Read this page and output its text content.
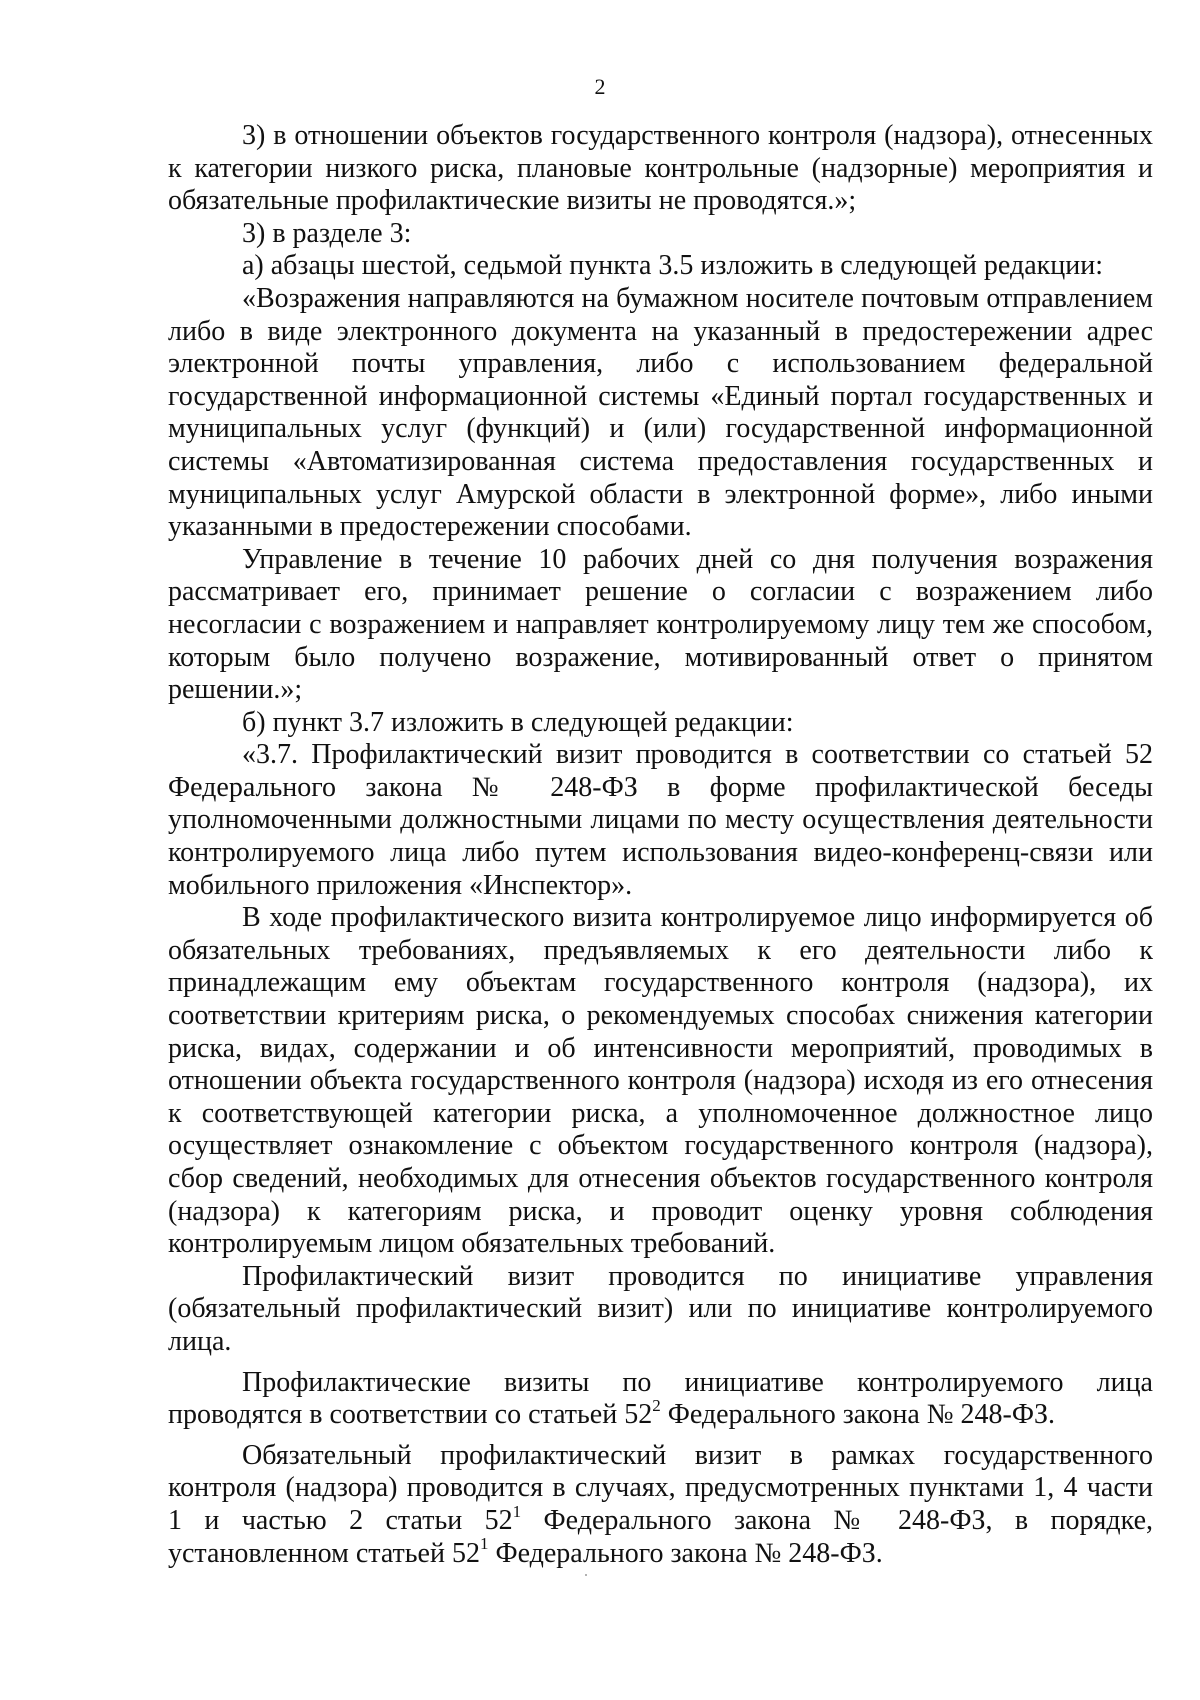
2

3) в отношении объектов государственного контроля (надзора), отнесенных к категории низкого риска, плановые контрольные (надзорные) мероприятия и обязательные профилактические визиты не проводятся.»;

3) в разделе 3:

а) абзацы шестой, седьмой пункта 3.5 изложить в следующей редакции:

«Возражения направляются на бумажном носителе почтовым отправлением либо в виде электронного документа на указанный в предостережении адрес электронной почты управления, либо с использованием федеральной государственной информационной системы «Единый портал государственных и муниципальных услуг (функций) и (или) государственной информационной системы «Автоматизированная система предоставления государственных и муниципальных услуг Амурской области в электронной форме», либо иными указанными в предостережении способами.

Управление в течение 10 рабочих дней со дня получения возражения рассматривает его, принимает решение о согласии с возражением либо несогласии с возражением и направляет контролируемому лицу тем же способом, которым было получено возражение, мотивированный ответ о принятом решении.»;

б) пункт 3.7 изложить в следующей редакции:

«3.7. Профилактический визит проводится в соответствии со статьей 52 Федерального закона № 248-ФЗ в форме профилактической беседы уполномоченными должностными лицами по месту осуществления деятельности контролируемого лица либо путем использования видео-конференц-связи или мобильного приложения «Инспектор».

В ходе профилактического визита контролируемое лицо информируется об обязательных требованиях, предъявляемых к его деятельности либо к принадлежащим ему объектам государственного контроля (надзора), их соответствии критериям риска, о рекомендуемых способах снижения категории риска, видах, содержании и об интенсивности мероприятий, проводимых в отношении объекта государственного контроля (надзора) исходя из его отнесения к соответствующей категории риска, а уполномоченное должностное лицо осуществляет ознакомление с объектом государственного контроля (надзора), сбор сведений, необходимых для отнесения объектов государственного контроля (надзора) к категориям риска, и проводит оценку уровня соблюдения контролируемым лицом обязательных требований.

Профилактический визит проводится по инициативе управления (обязательный профилактический визит) или по инициативе контролируемого лица.

Профилактические визиты по инициативе контролируемого лица проводятся в соответствии со статьей $52^2$ Федерального закона № 248-ФЗ.

Обязательный профилактический визит в рамках государственного контроля (надзора) проводится в случаях, предусмотренных пунктами 1, 4 части 1 и частью 2 статьи $52^1$ Федерального закона № 248-ФЗ, в порядке, установленном статьей $52^1$ Федерального закона № 248-ФЗ.
